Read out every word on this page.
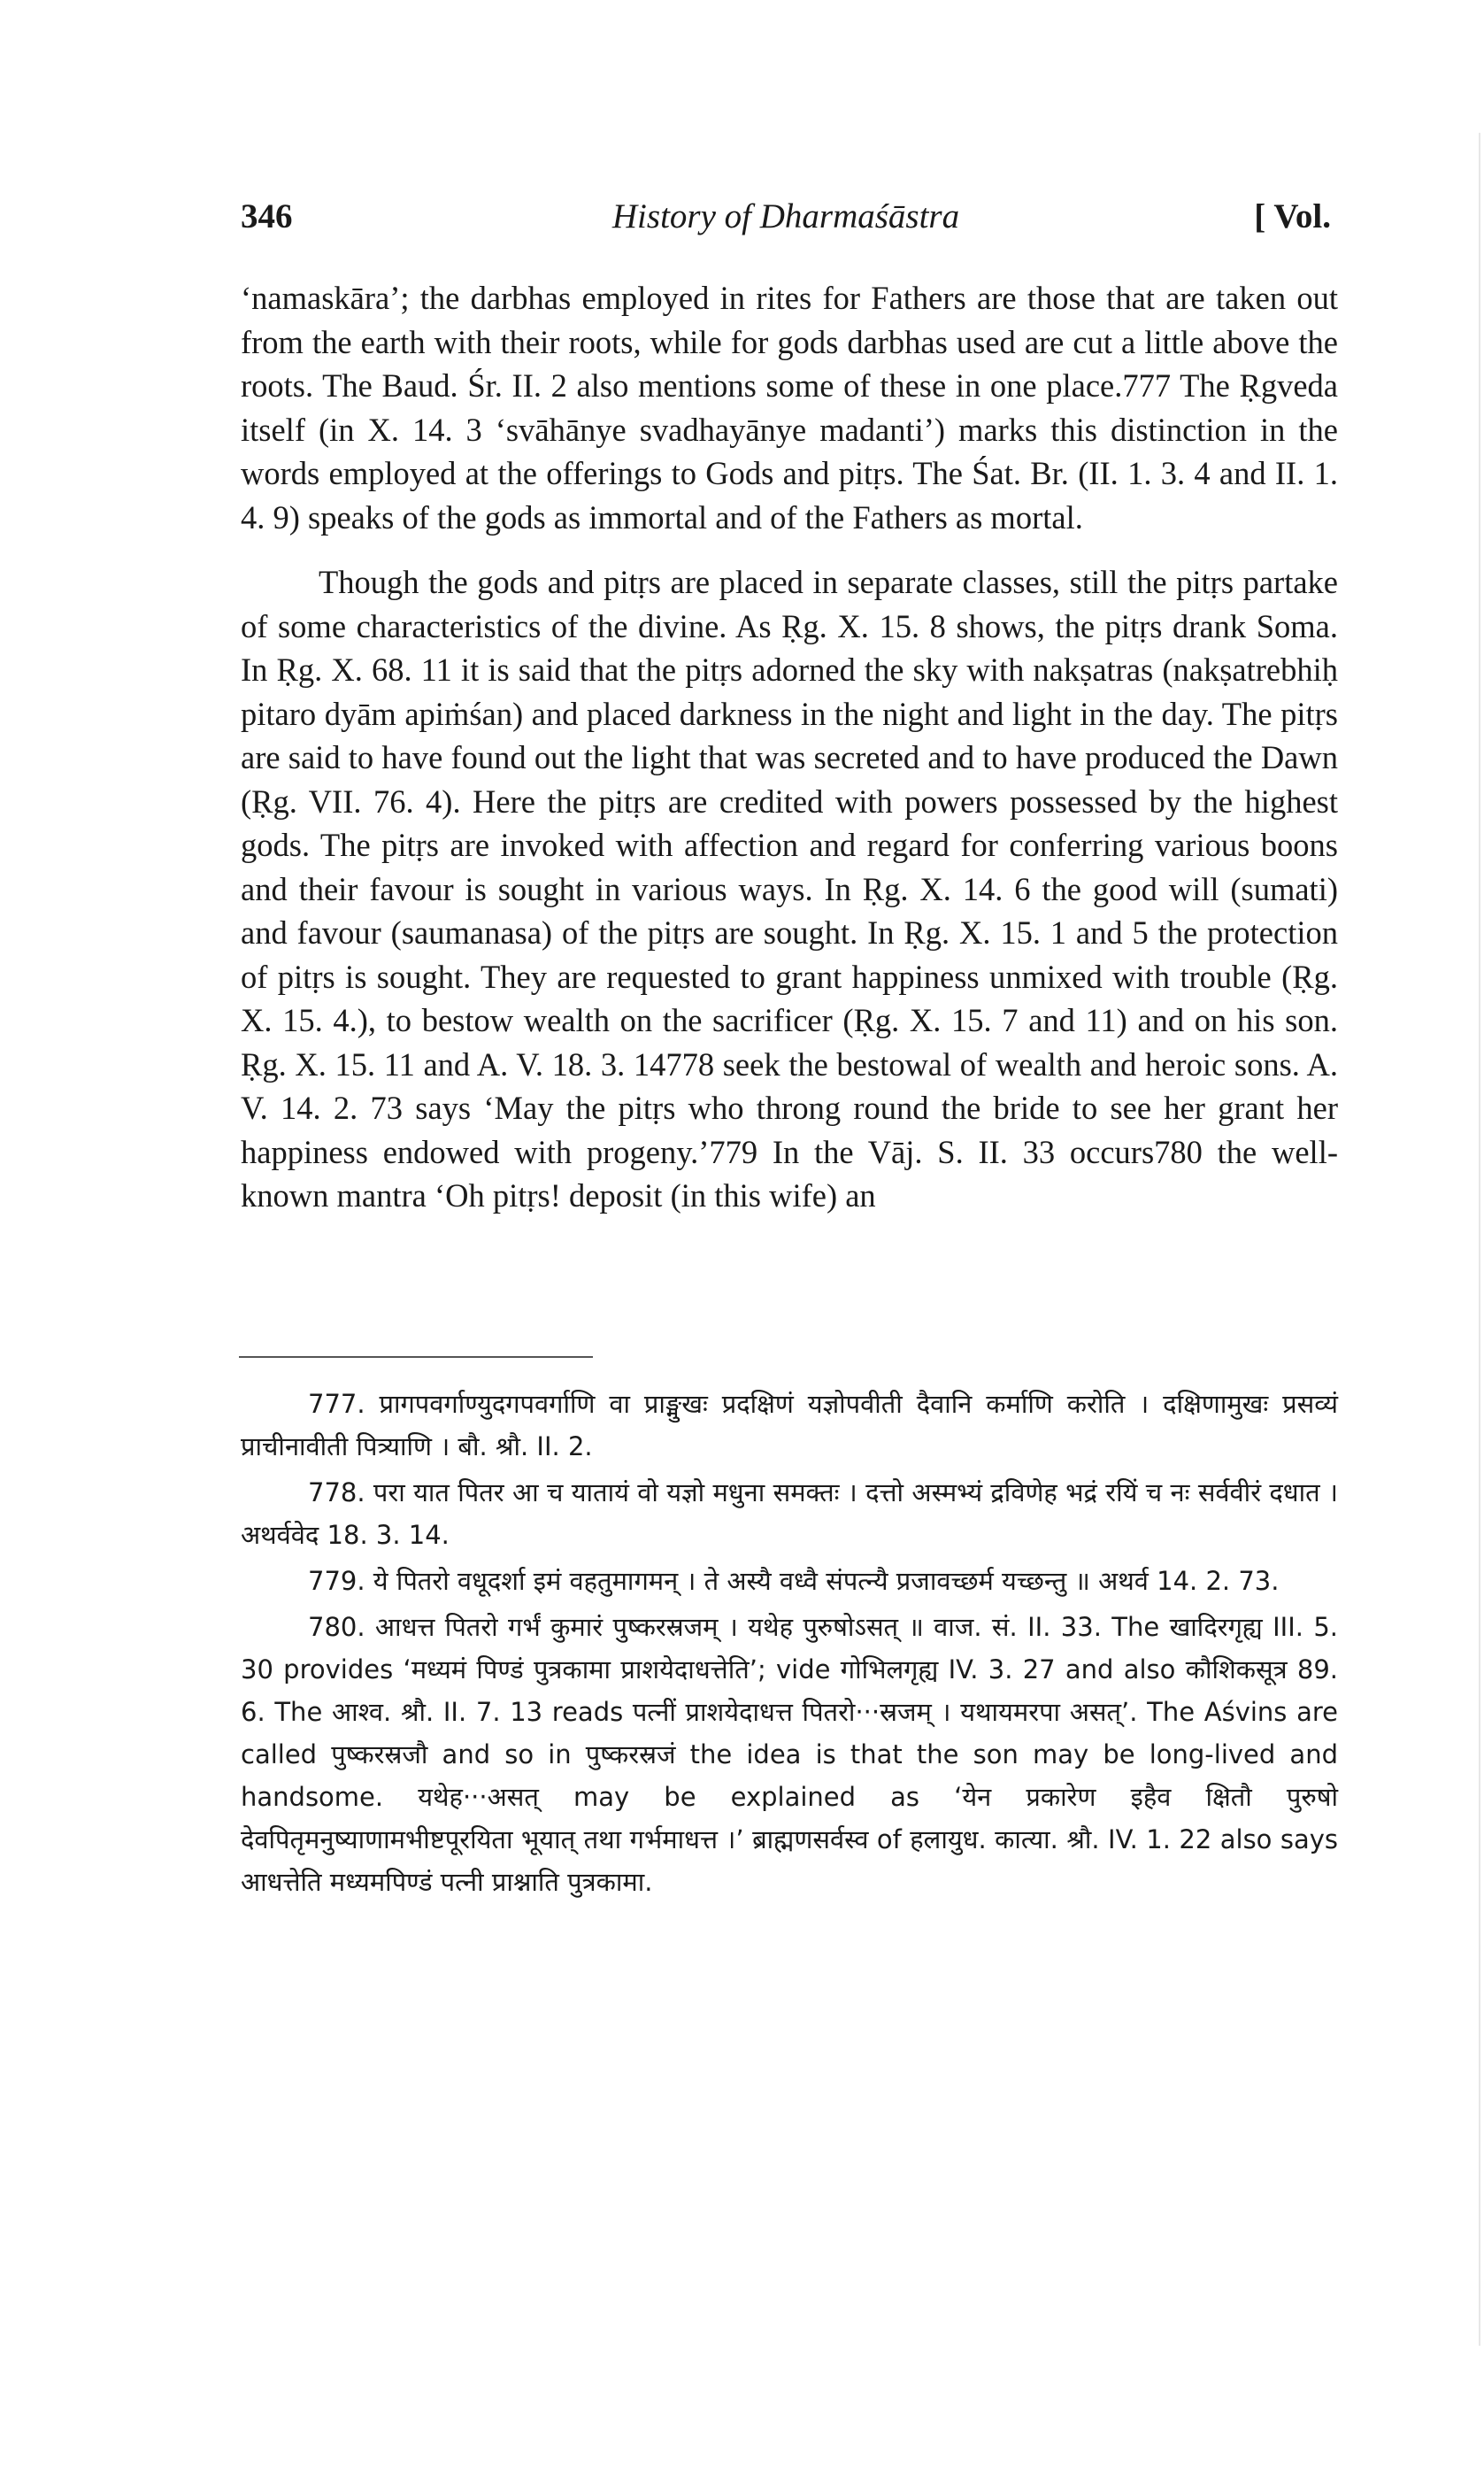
346	History of Dharmaśāstra	[ Vol.

‘namaskāra’; the darbhas employed in rites for Fathers are those that are taken out from the earth with their roots, while for gods darbhas used are cut a little above the roots. The Baud. Śr. II. 2 also mentions some of these in one place.777 The Ṛgveda itself (in X. 14. 3 ‘svāhānye svadhayānye madanti’) marks this distinction in the words employed at the offerings to Gods and pitṛs. The Śat. Br. (II. 1. 3. 4 and II. 1. 4. 9) speaks of the gods as immortal and of the Fathers as mortal.

Though the gods and pitṛs are placed in separate classes, still the pitṛs partake of some characteristics of the divine. As Ṛg. X. 15. 8 shows, the pitṛs drank Soma. In Ṛg. X. 68. 11 it is said that the pitṛs adorned the sky with nakṣatras (nakṣatrebhiḥ pitaro dyām apiṁśan) and placed darkness in the night and light in the day. The pitṛs are said to have found out the light that was secreted and to have produced the Dawn (Ṛg. VII. 76. 4). Here the pitṛs are credited with powers possessed by the highest gods. The pitṛs are invoked with affection and regard for conferring various boons and their favour is sought in various ways. In Ṛg. X. 14. 6 the good will (sumati) and favour (saumanasa) of the pitṛs are sought. In Ṛg. X. 15. 1 and 5 the protection of pitṛs is sought. They are requested to grant happiness unmixed with trouble (Ṛg. X. 15. 4.), to bestow wealth on the sacrificer (Ṛg. X. 15. 7 and 11) and on his son. Ṛg. X. 15. 11 and A. V. 18. 3. 14778 seek the bestowal of wealth and heroic sons. A. V. 14. 2. 73 says ‘May the pitṛs who throng round the bride to see her grant her happiness endowed with progeny.’779 In the Vāj. S. II. 33 occurs780 the well-known mantra ‘Oh pitṛs! deposit (in this wife) an

777. प्रागपवर्गाण्युदगपवर्गाणि वा प्राङ्मुखः प्रदक्षिणं यज्ञोपवीती दैवानि कर्माणि करोति । दक्षिणामुखः प्रसव्यं प्राचीनावीती पित्र्याणि । बौ. श्रौ. II. 2.

778. परा यात पितर आ च यातायं वो यज्ञो मधुना समक्तः । दत्तो अस्मभ्यं द्रविणेह भद्रं रयिं च नः सर्ववीरं दधात । अथर्ववेद 18. 3. 14.

779. ये पितरो वधूदर्शा इमं वहतुमागमन् । ते अस्यै वध्वै संपत्न्यै प्रजावच्छर्म यच्छन्तु ॥ अथर्व 14. 2. 73.

780. आधत्त पितरो गर्भं कुमारं पुष्करस्रजम् । यथेह पुरुषोऽसत् ॥ वाज. सं. II. 33. The खादिरगृह्य III. 5. 30 provides ‘मध्यमं पिण्डं पुत्रकामा प्राशयेदाधत्तेति’; vide गोभिलगृह्य IV. 3. 27 and also कौशिकसूत्र 89. 6. The आश्व. श्रौ. II. 7. 13 reads पत्नीं प्राशयेदाधत्त पितरो···स्रजम् । यथायमरपा असत्’. The Aśvins are called पुष्करस्रजौ and so in पुष्करस्रजं the idea is that the son may be long-lived and handsome. यथेह···असत् may be explained as ‘येन प्रकारेण इहैव क्षितौ पुरुषो देवपितृमनुष्याणामभीष्टपूरयिता भूयात् तथा गर्भमाधत्त ।’ ब्राह्मणसर्वस्व of हलायुध. कात्या. श्रौ. IV. 1. 22 also says आधत्तेति मध्यमपिण्डं पत्नी प्राश्नाति पुत्रकामा.
